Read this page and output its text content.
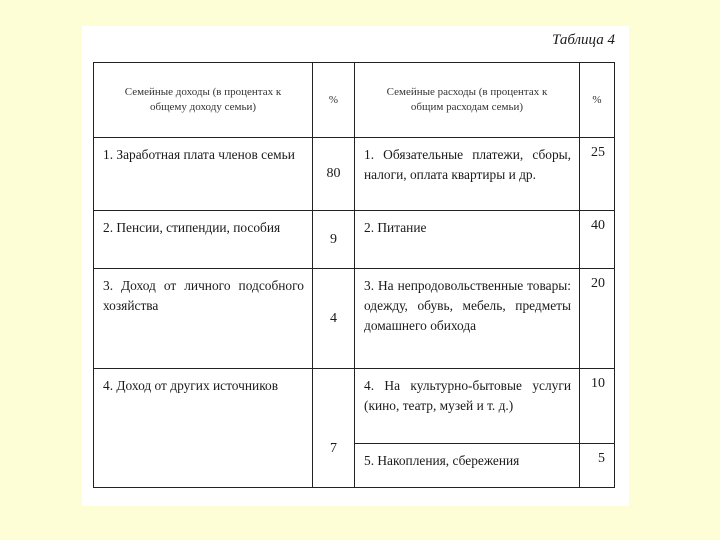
Таблица 4
Семейные доходы (в процентах к общему доходу семьи)	%	Семейные расходы (в процентах к общим расходам семьи)	%

1. Заработная плата членов семьи	80	1. Обязательные платежи, сборы, налоги, оплата квартиры и др.	25

2. Пенсии, стипендии, пособия	9	2. Питание	40

3. Доход от личного подсобного хозяйства	4	3. На непродовольственные товары: одежду, обувь, мебель, предметы домашнего обихода	20

4. Доход от других источников	7	4. На культурно-бытовые услуги (кино, театр, музей и т. д.)	10

		5. Накопления, сбережения	5
